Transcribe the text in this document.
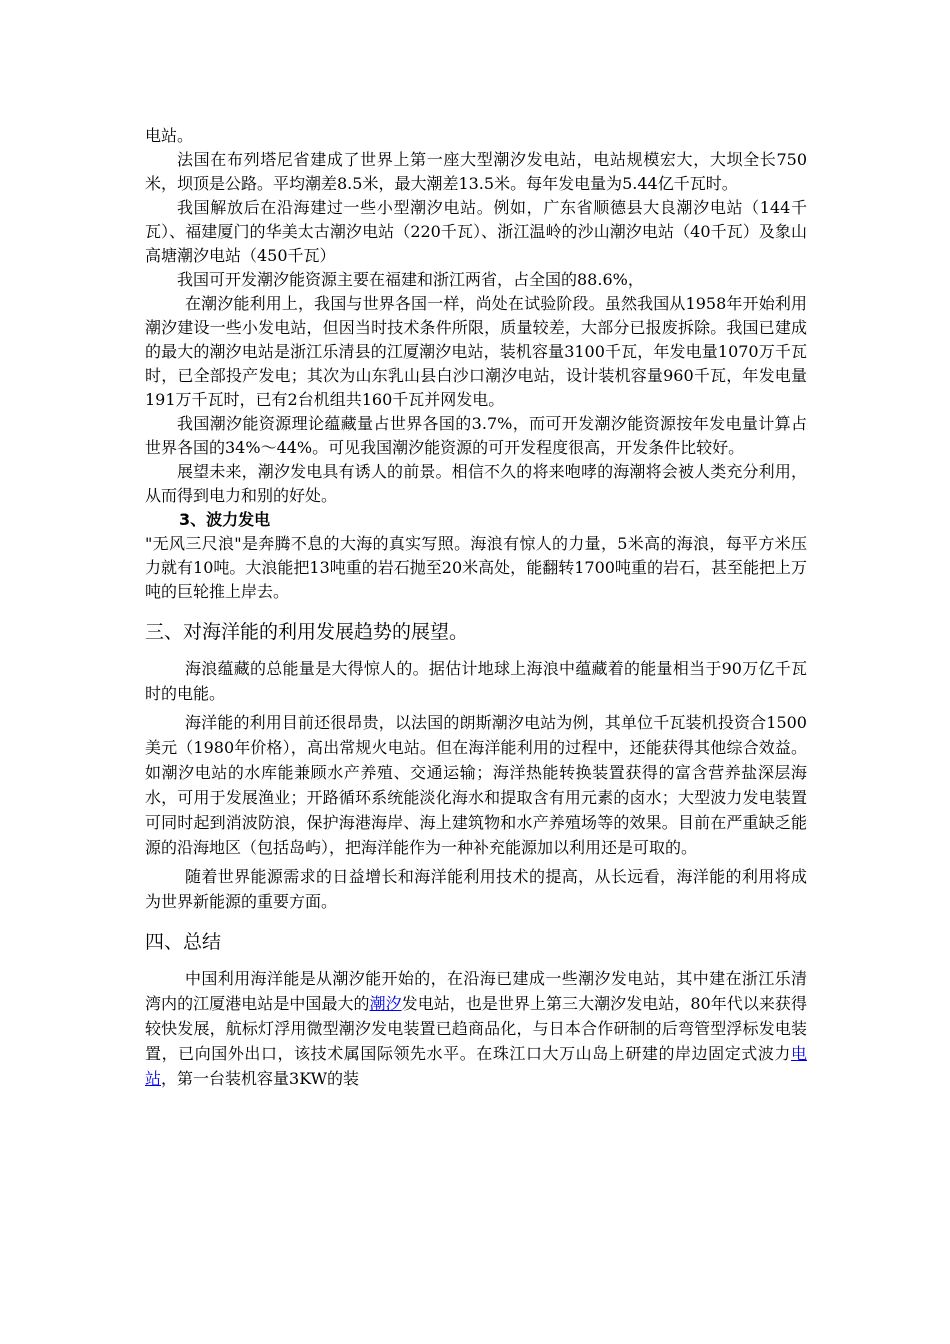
电站。

法国在布列塔尼省建成了世界上第一座大型潮汐发电站，电站规模宏大，大坝全长750米，坝顶是公路。平均潮差8.5米，最大潮差13.5米。每年发电量为5.44亿千瓦时。

我国解放后在沿海建过一些小型潮汐电站。例如，广东省顺德县大良潮汐电站（144千瓦）、福建厦门的华美太古潮汐电站（220千瓦）、浙江温岭的沙山潮汐电站（40千瓦）及象山高塘潮汐电站（450千瓦）

我国可开发潮汐能资源主要在福建和浙江两省，占全国的88.6%，

在潮汐能利用上，我国与世界各国一样，尚处在试验阶段。虽然我国从1958年开始利用潮汐建设一些小发电站，但因当时技术条件所限，质量较差，大部分已报废拆除。我国已建成的最大的潮汐电站是浙江乐清县的江厦潮汐电站，装机容量3100千瓦，年发电量1070万千瓦时，已全部投产发电；其次为山东乳山县白沙口潮汐电站，设计装机容量960千瓦，年发电量191万千瓦时，已有2台机组共160千瓦并网发电。

我国潮汐能资源理论蕴藏量占世界各国的3.7%，而可开发潮汐能资源按年发电量计算占世界各国的34%～44%。可见我国潮汐能资源的可开发程度很高，开发条件比较好。

展望未来，潮汐发电具有诱人的前景。相信不久的将来咆哮的海潮将会被人类充分利用，从而得到电力和别的好处。

3、波力发电

"无风三尺浪"是奔腾不息的大海的真实写照。海浪有惊人的力量，5米高的海浪，每平方米压力就有10吨。大浪能把13吨重的岩石抛至20米高处，能翻转1700吨重的岩石，甚至能把上万吨的巨轮推上岸去。

三、对海洋能的利用发展趋势的展望。

海浪蕴藏的总能量是大得惊人的。据估计地球上海浪中蕴藏着的能量相当于90万亿千瓦时的电能。

海洋能的利用目前还很昂贵，以法国的朗斯潮汐电站为例，其单位千瓦装机投资合1500美元（1980年价格），高出常规火电站。但在海洋能利用的过程中，还能获得其他综合效益。如潮汐电站的水库能兼顾水产养殖、交通运输；海洋热能转换装置获得的富含营养盐深层海水，可用于发展渔业；开路循环系统能淡化海水和提取含有用元素的卤水；大型波力发电装置可同时起到消波防浪，保护海港海岸、海上建筑物和水产养殖场等的效果。目前在严重缺乏能源的沿海地区（包括岛屿），把海洋能作为一种补充能源加以利用还是可取的。

随着世界能源需求的日益增长和海洋能利用技术的提高，从长远看，海洋能的利用将成为世界新能源的重要方面。

四、总结

中国利用海洋能是从潮汐能开始的，在沿海已建成一些潮汐发电站，其中建在浙江乐清湾内的江厦港电站是中国最大的潮汐发电站，也是世界上第三大潮汐发电站，80年代以来获得较快发展，航标灯浮用微型潮汐发电装置已趋商品化，与日本合作研制的后弯管型浮标发电装置，已向国外出口，该技术属国际领先水平。在珠江口大万山岛上研建的岸边固定式波力电站，第一台装机容量3KW的装
